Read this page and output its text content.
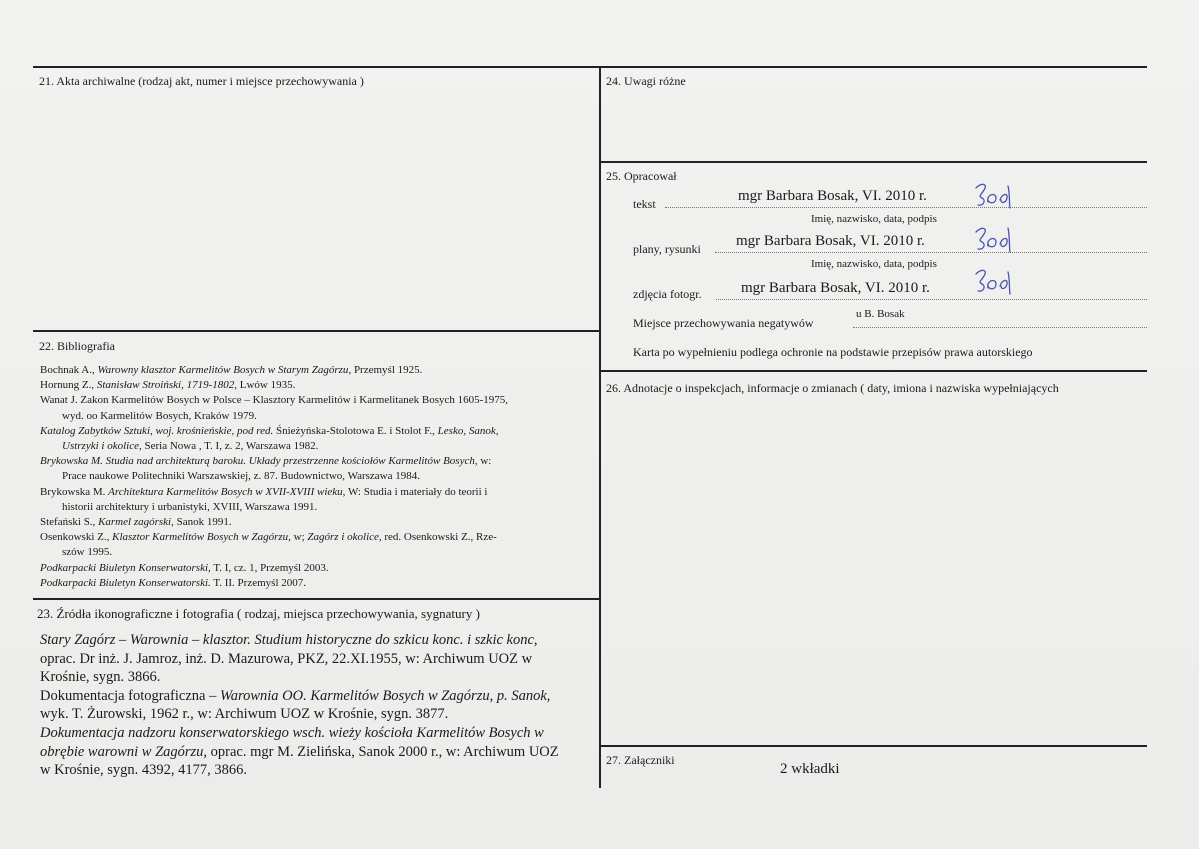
21. Akta archiwalne (rodzaj akt, numer i miejsce przechowywania )	24. Uwagi różne
25. Opracował
tekst	mgr Barbara Bosak, VI. 2010 r.
Imię, nazwisko, data, podpis
plany, rysunki mgr Barbara Bosak, VI. 2010 r.
Imię, nazwisko, data, podpis
zdjęcia fotogr.	mgr Barbara Bosak, VI. 2010 r.
Miejsce przechowywania negatywów
u B. Bosak
Karta po wypełnieniu podlega ochronie na podstawie przepisów prawa autorskiego
22. Bibliografia
Bochnak A., Warowny klasztor Karmelitów Bosych w Starym Zagórzu, Przemyśl 1925.
Hornung Z., Stanisław Stroiński, 1719-1802, Lwów 1935.
Wanat J. Zakon Karmelitów Bosych w Polsce – Klasztory Karmelitów i Karmelitanek Bosych 1605-1975,
wyd. oo Karmelitów Bosych, Kraków 1979.
Katalog Zabytków Sztuki, woj. krośnieńskie, pod red. Śnieżyńska-Stolotowa E. i Stolot F., Lesko, Sanok,
Ustrzyki i okolice, Seria Nowa , T. I, z. 2, Warszawa 1982.
Brykowska M. Studia nad architekturą baroku. Układy przestrzenne kościołów Karmelitów Bosych, w:
Prace naukowe Politechniki Warszawskiej, z. 87. Budownictwo, Warszawa 1984.
Brykowska M. Architektura Karmelitów Bosych w XVII-XVIII wieku, W: Studia i materiały do teorii i
historii architektury i urbanistyki, XVIII, Warszawa 1991.
Stefański S., Karmel zagórski, Sanok 1991.
Osenkowski Z., Klasztor Karmelitów Bosych w Zagórzu, w; Zagórz i okolice, red. Osenkowski Z., Rze-
szów 1995.
Podkarpacki Biuletyn Konserwatorski, T. I, cz. 1, Przemyśl 2003.
Podkarpacki Biuletyn Konserwatorski. T. II. Przemyśl 2007.
26. Adnotacje o inspekcjach, informacje o zmianach ( daty, imiona i nazwiska wypełniających
23. Źródła ikonograficzne i fotografia ( rodzaj, miejsca przechowywania, sygnatury )
Stary Zagórz – Warownia – klasztor. Studium historyczne do szkicu konc. i szkic konc,
oprac. Dr inż. J. Jamroz, inż. D. Mazurowa, PKZ, 22.XI.1955, w: Archiwum UOZ w
Krośnie, sygn. 3866.
Dokumentacja fotograficzna – Warownia OO. Karmelitów Bosych w Zagórzu, p. Sanok,
wyk. T. Żurowski, 1962 r., w: Archiwum UOZ w Krośnie, sygn. 3877.
Dokumentacja nadzoru konserwatorskiego wsch. wieży kościoła Karmelitów Bosych w
obrębie warowni w Zagórzu, oprac. mgr M. Zielińska, Sanok 2000 r., w: Archiwum UOZ
w Krośnie, sygn. 4392, 4177, 3866.
27. Załączniki
2 wkładki
